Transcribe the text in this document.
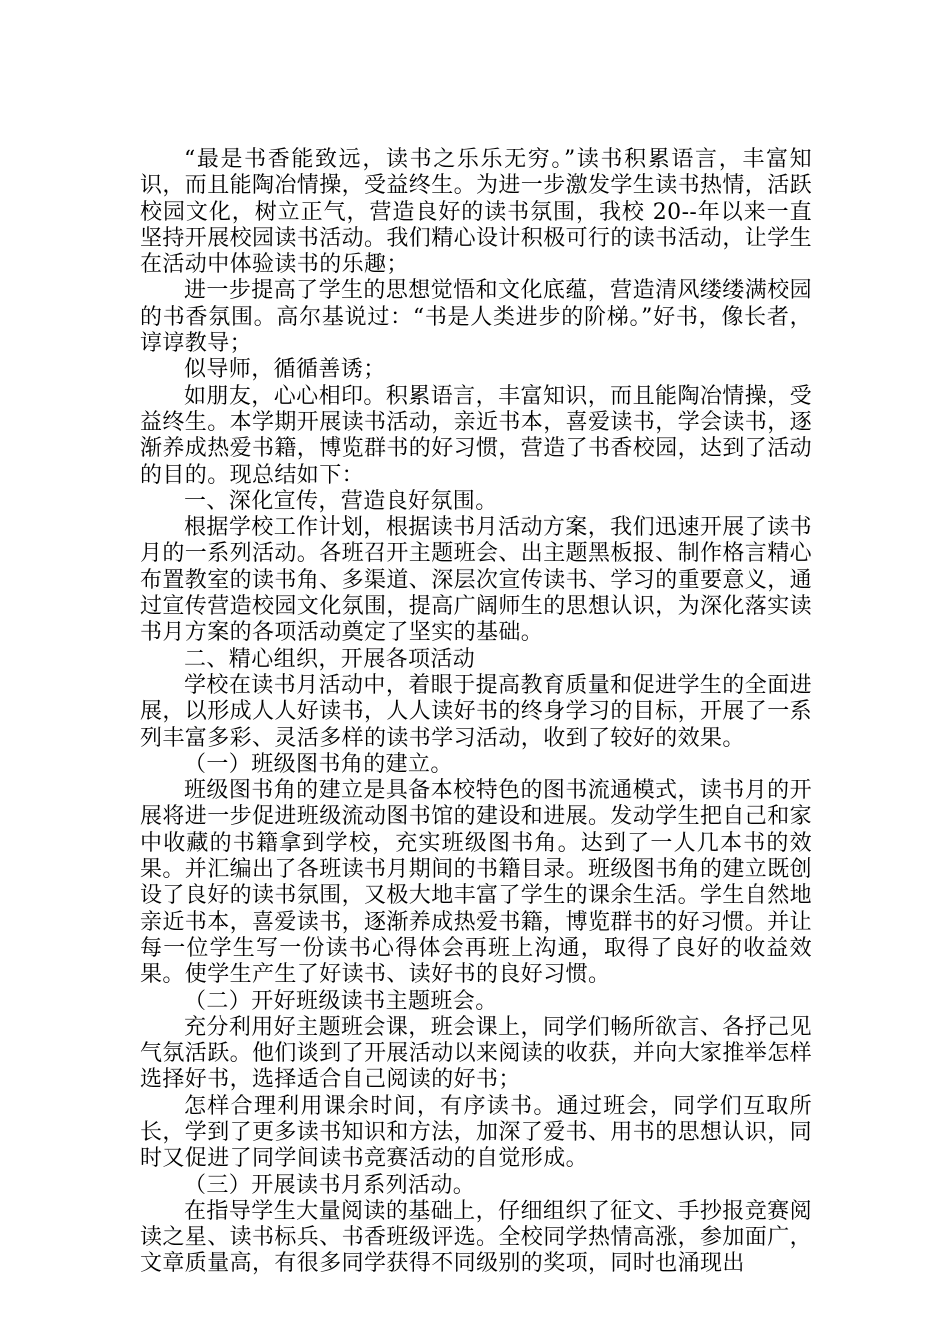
“最是书香能致远，读书之乐乐无穷。”读书积累语言，丰富知识，而且能陶冶情操，受益终生。为进一步激发学生读书热情，活跃校园文化，树立正气，营造良好的读书氛围，我校 20--年以来一直坚持开展校园读书活动。我们精心设计积极可行的读书活动，让学生在活动中体验读书的乐趣；

进一步提高了学生的思想觉悟和文化底蕴，营造清风缕缕满校园的书香氛围。高尔基说过：“书是人类进步的阶梯。”好书，像长者，谆谆教导；

似导师，循循善诱；

如朋友，心心相印。积累语言，丰富知识，而且能陶冶情操，受益终生。本学期开展读书活动，亲近书本，喜爱读书，学会读书，逐渐养成热爱书籍，博览群书的好习惯，营造了书香校园，达到了活动的目的。现总结如下：

一、深化宣传，营造良好氛围。

根据学校工作计划，根据读书月活动方案，我们迅速开展了读书月的一系列活动。各班召开主题班会、出主题黑板报、制作格言精心布置教室的读书角、多渠道、深层次宣传读书、学习的重要意义，通过宣传营造校园文化氛围，提高广阔师生的思想认识，为深化落实读书月方案的各项活动奠定了坚实的基础。

二、精心组织，开展各项活动

学校在读书月活动中，着眼于提高教育质量和促进学生的全面进展，以形成人人好读书，人人读好书的终身学习的目标，开展了一系列丰富多彩、灵活多样的读书学习活动，收到了较好的效果。

（一）班级图书角的建立。

班级图书角的建立是具备本校特色的图书流通模式，读书月的开展将进一步促进班级流动图书馆的建设和进展。发动学生把自己和家中收藏的书籍拿到学校，充实班级图书角。达到了一人几本书的效果。并汇编出了各班读书月期间的书籍目录。班级图书角的建立既创设了良好的读书氛围，又极大地丰富了学生的课余生活。学生自然地亲近书本，喜爱读书，逐渐养成热爱书籍，博览群书的好习惯。并让每一位学生写一份读书心得体会再班上沟通，取得了良好的收益效果。使学生产生了好读书、读好书的良好习惯。

（二）开好班级读书主题班会。

充分利用好主题班会课，班会课上，同学们畅所欲言、各抒己见气氛活跃。他们谈到了开展活动以来阅读的收获，并向大家推举怎样选择好书，选择适合自己阅读的好书；

怎样合理利用课余时间，有序读书。通过班会，同学们互取所长，学到了更多读书知识和方法，加深了爱书、用书的思想认识，同时又促进了同学间读书竞赛活动的自觉形成。

（三）开展读书月系列活动。

在指导学生大量阅读的基础上，仔细组织了征文、手抄报竞赛阅读之星、读书标兵、书香班级评选。全校同学热情高涨，参加面广，文章质量高，有很多同学获得不同级别的奖项，同时也涌现出
